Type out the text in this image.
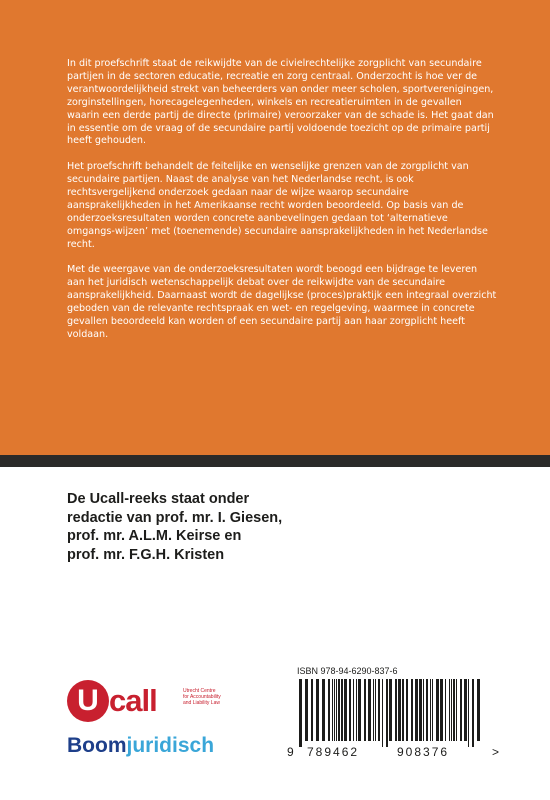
In dit proefschrift staat de reikwijdte van de civielrechtelijke zorgplicht van secundaire partijen in de sectoren educatie, recreatie en zorg centraal. Onderzocht is hoe ver de verantwoordelijkheid strekt van beheerders van onder meer scholen, sportverenigingen, zorginstellingen, horecagelegenheden, winkels en recreatieruimten in de gevallen waarin een derde partij de directe (primaire) veroorzaker van de schade is. Het gaat dan in essentie om de vraag of de secundaire partij voldoende toezicht op de primaire partij heeft gehouden.

Het proefschrift behandelt de feitelijke en wenselijke grenzen van de zorgplicht van secundaire partijen. Naast de analyse van het Nederlandse recht, is ook rechtsvergelijkend onderzoek gedaan naar de wijze waarop secundaire aansprakelijkheden in het Amerikaanse recht worden beoordeeld. Op basis van de onderzoeksresultaten worden concrete aanbevelingen gedaan tot ‘alternatieve omgangs-wijzen’ met (toenemende) secundaire aansprakelijkheden in het Nederlandse recht.

Met de weergave van de onderzoeksresultaten wordt beoogd een bijdrage te leveren aan het juridisch wetenschappelijk debat over de reikwijdte van de secundaire aansprakelijkheid. Daarnaast wordt de dagelijkse (proces)praktijk een integraal overzicht geboden van de relevante rechtspraak en wet- en regelgeving, waarmee in concrete gevallen beoordeeld kan worden of een secundaire partij aan haar zorgplicht heeft voldaan.

De Ucall-reeks staat onder
redactie van prof. mr. I. Giesen,
prof. mr. A.L.M. Keirse en
prof. mr. F.G.H. Kristen
U call	Utrecht Centre
for Accountability
and Liability Law
Boomjuridisch
ISBN 978-94-6290-837-6
9 789462	908376	>
